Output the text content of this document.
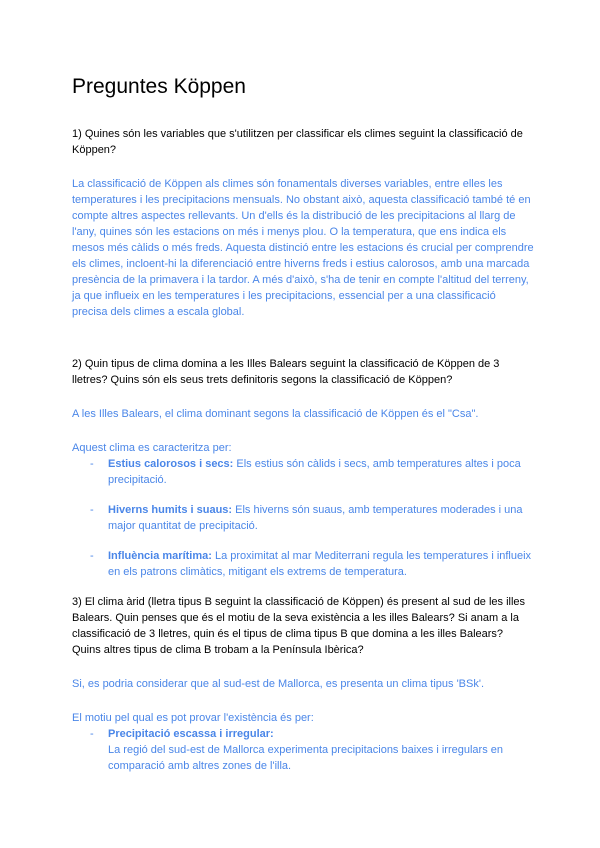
Preguntes Köppen

1) Quines són les variables que s'utilitzen per classificar els climes seguint la classificació de Köppen?

La classificació de Köppen als climes són fonamentals diverses variables, entre elles les temperatures i les precipitacions mensuals. No obstant això, aquesta classificació també té en compte altres aspectes rellevants. Un d'ells és la distribució de les precipitacions al llarg de l'any, quines són les estacions on més i menys plou. O la temperatura, que ens indica els mesos més càlids o més freds. Aquesta distinció entre les estacions és crucial per comprendre els climes, incloent-hi la diferenciació entre hiverns freds i estius calorosos, amb una marcada presència de la primavera i la tardor. A més d'això, s'ha de tenir en compte l'altitud del terreny, ja que influeix en les temperatures i les precipitacions, essencial per a una classificació precisa dels climes a escala global.

2) Quin tipus de clima domina a les Illes Balears seguint la classificació de Köppen de 3 lletres? Quins són els seus trets definitoris segons la classificació de Köppen?

A les Illes Balears, el clima dominant segons la classificació de Köppen és el "Csa".

Aquest clima es caracteritza per:

- Estius calorosos i secs: Els estius són càlids i secs, amb temperatures altes i poca precipitació.
- Hiverns humits i suaus: Els hiverns són suaus, amb temperatures moderades i una major quantitat de precipitació.
- Influència marítima: La proximitat al mar Mediterrani regula les temperatures i influeix en els patrons climàtics, mitigant els extrems de temperatura.

3) El clima àrid (lletra tipus B seguint la classificació de Köppen) és present al sud de les illes Balears. Quin penses que és el motiu de la seva existència a les illes Balears? Si anam a la classificació de 3 lletres, quin és el tipus de clima tipus B que domina a les illes Balears? Quins altres tipus de clima B trobam a la Península Ibèrica?

Si, es podria considerar que al sud-est de Mallorca, es presenta un clima tipus 'BSk'.

El motiu pel qual es pot provar l'existència és per:

- Precipitació escassa i irregular:
La regió del sud-est de Mallorca experimenta precipitacions baixes i irregulars en comparació amb altres zones de l'illa.
